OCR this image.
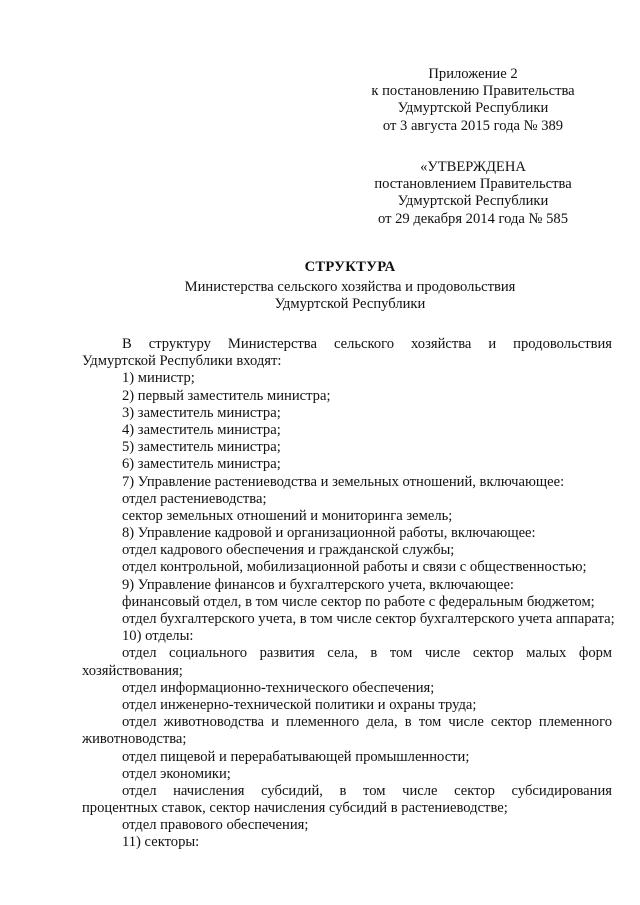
Приложение 2
к постановлению Правительства
Удмуртской Республики
от 3 августа 2015 года № 389
«УТВЕРЖДЕНА
постановлением Правительства
Удмуртской Республики
от 29 декабря 2014 года № 585
СТРУКТУРА
Министерства сельского хозяйства и продовольствия
Удмуртской Республики
В структуру Министерства сельского хозяйства и продовольствия
Удмуртской Республики входят:
1) министр;
2) первый заместитель министра;
3) заместитель министра;
4) заместитель министра;
5) заместитель министра;
6) заместитель министра;
7) Управление растениеводства и земельных отношений, включающее:
отдел растениеводства;
сектор земельных отношений и мониторинга земель;
8) Управление кадровой и организационной работы, включающее:
отдел кадрового обеспечения и гражданской службы;
отдел контрольной, мобилизационной работы и связи с общественностью;
9) Управление финансов и бухгалтерского учета, включающее:
финансовый отдел, в том числе сектор по работе с федеральным бюджетом;
отдел бухгалтерского учета, в том числе сектор бухгалтерского учета аппарата;
10) отделы:
отдел социального развития села, в том числе сектор малых форм
хозяйствования;
отдел информационно-технического обеспечения;
отдел инженерно-технической политики и охраны труда;
отдел животноводства и племенного дела, в том числе сектор племенного
животноводства;
отдел пищевой и перерабатывающей промышленности;
отдел экономики;
отдел начисления субсидий, в том числе сектор субсидирования
процентных ставок, сектор начисления субсидий в растениеводстве;
отдел правового обеспечения;
11) секторы:
